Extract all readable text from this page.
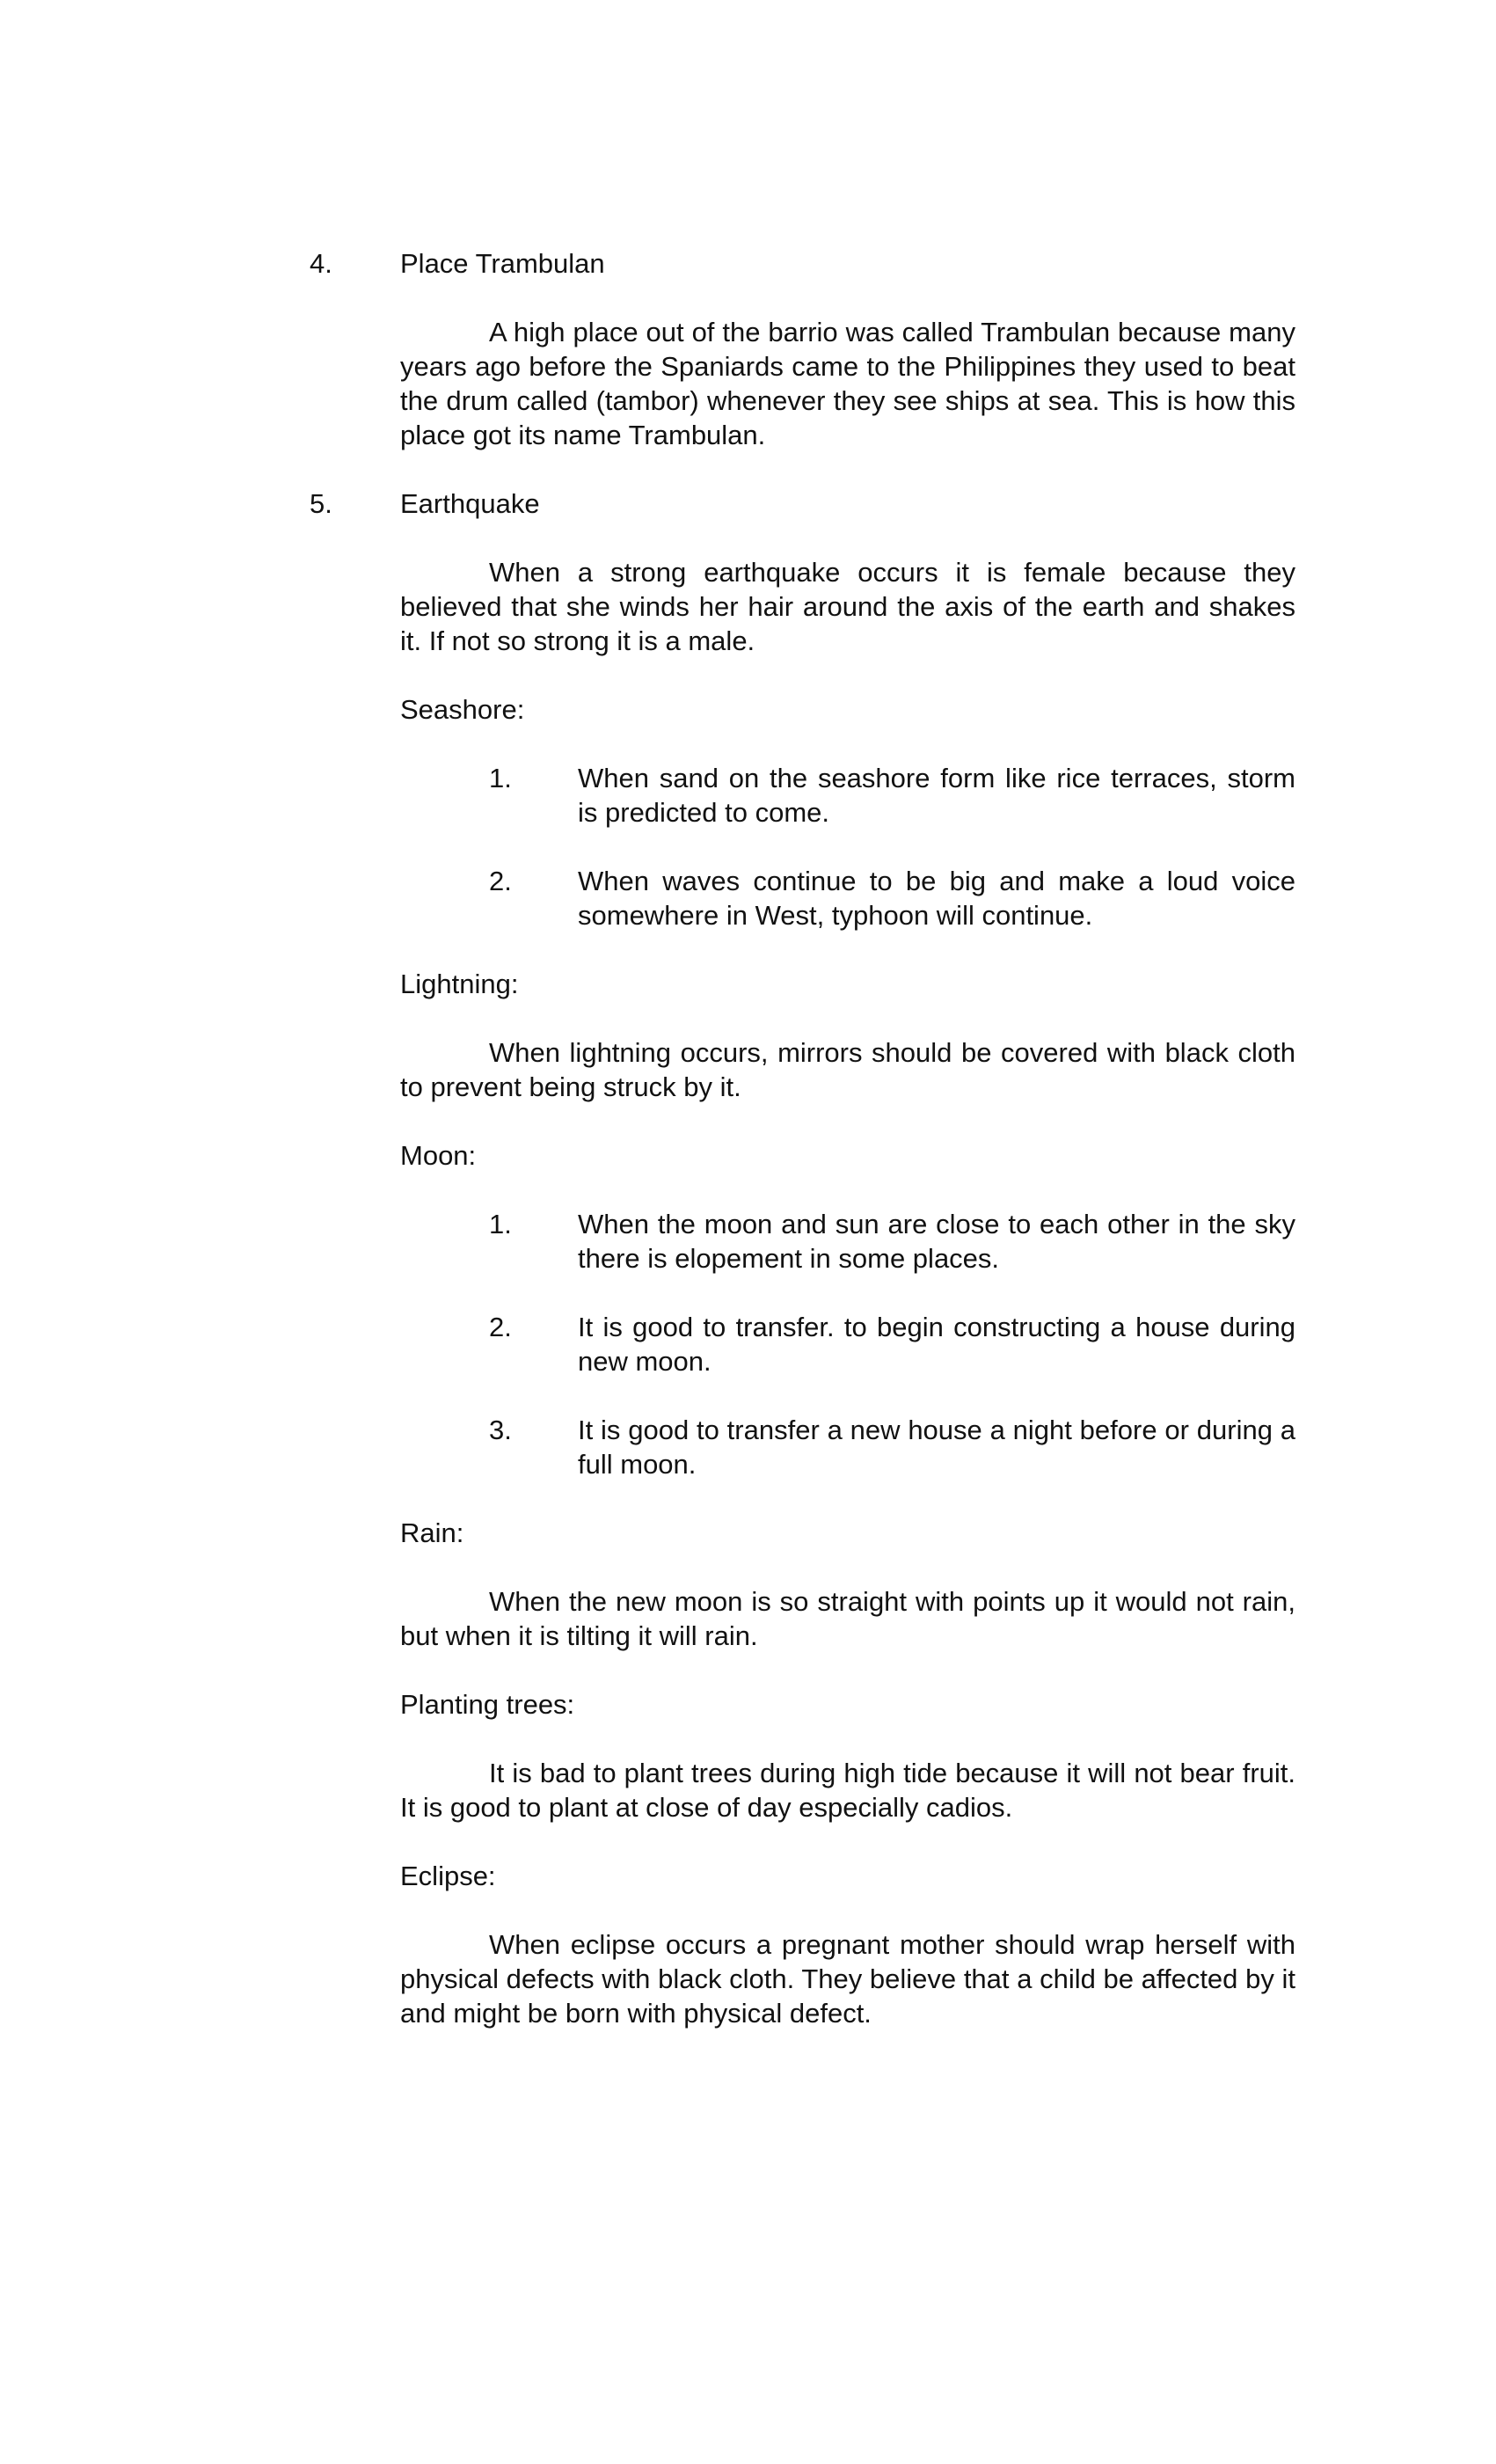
4. Place Trambulan

A high place out of the barrio was called Trambulan because many years ago before the Spaniards came to the Philippines they used to beat the drum called (tambor) whenever they see ships at sea. This is how this place got its name Trambulan.

5. Earthquake

When a strong earthquake occurs it is female because they believed that she winds her hair around the axis of the earth and shakes it. If not so strong it is a male.

Seashore:
1. When sand on the seashore form like rice terraces, storm is predicted to come.

2. When waves continue to be big and make a loud voice somewhere in West, typhoon will continue.

Lightning:

When lightning occurs, mirrors should be covered with black cloth to prevent being struck by it.

Moon:
1. When the moon and sun are close to each other in the sky there is elopement in some places.

2. It is good to transfer. to begin constructing a house during new moon.

3. It is good to transfer a new house a night before or during a full moon.

Rain:

When the new moon is so straight with points up it would not rain, but when it is tilting it will rain.

Planting trees:

It is bad to plant trees during high tide because it will not bear fruit. It is good to plant at close of day especially cadios.

Eclipse:

When eclipse occurs a pregnant mother should wrap herself with physical defects with black cloth. They believe that a child be affected by it and might be born with physical defect.
